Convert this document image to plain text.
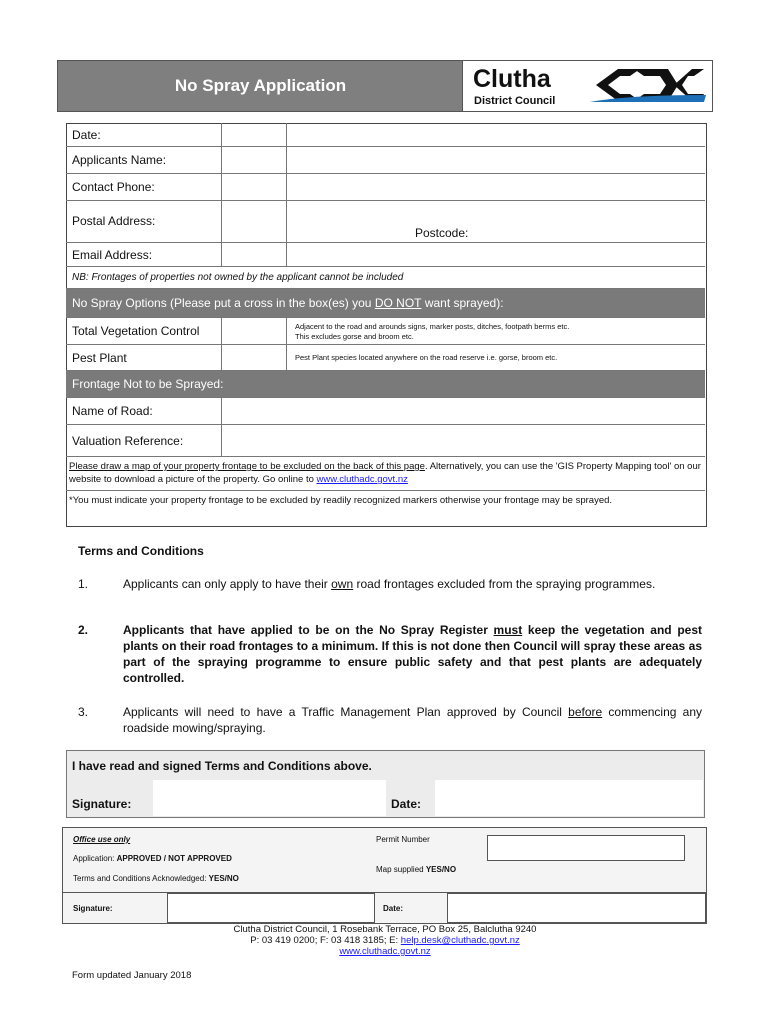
No Spray Application	Clutha
District Council
Date:
Applicants Name:
Contact Phone:
Postal Address:
Postcode:
Email Address:
NB: Frontages of properties not owned by the applicant cannot be included
No Spray Options (Please put a cross in the box(es) you DO NOT want sprayed):
Total Vegetation Control	Adjacent to the road and arounds signs, marker posts, ditches, footpath berms etc.
This excludes gorse and broom etc.
Pest Plant	Pest Plant species located anywhere on the road reserve i.e. gorse, broom etc.
Frontage Not to be Sprayed:
Name of Road:
Valuation Reference:
Please draw a map of your property frontage to be excluded on the back of this page. Alternatively, you can use the 'GIS Property Mapping tool' on our website to download a picture of the property. Go online to www.cluthadc.govt.nz
*You must indicate your property frontage to be excluded by readily recognized markers otherwise your frontage may be sprayed.
Terms and Conditions
1.	Applicants can only apply to have their own road frontages excluded from the spraying programmes.
2.	Applicants that have applied to be on the No Spray Register must keep the vegetation and pest plants on their road frontages to a minimum. If this is not done then Council will spray these areas as part of the spraying programme to ensure public safety and that pest plants are adequately controlled.
3.	Applicants will need to have a Traffic Management Plan approved by Council before commencing any roadside mowing/spraying.
I have read and signed Terms and Conditions above.
Signature:	Date:
Office use only
Application: APPROVED / NOT APPROVED
Terms and Conditions Acknowledged: YES/NO
Permit Number
Map supplied YES/NO
Signature:	Date:
Clutha District Council, 1 Rosebank Terrace, PO Box 25, Balclutha 9240
P: 03 419 0200; F: 03 418 3185; E: help.desk@cluthadc.govt.nz
www.cluthadc.govt.nz
Form updated January 2018
